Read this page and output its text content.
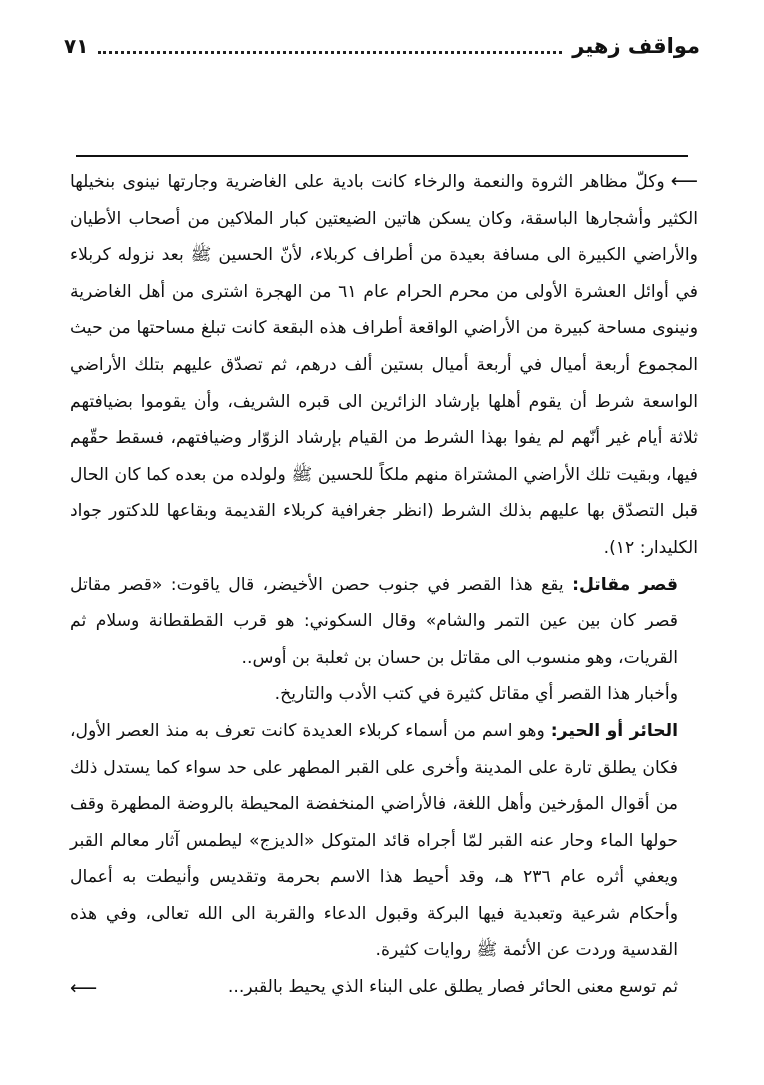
مواقف زهير
٧١

⟵وكلّ مظاهر الثروة والنعمة والرخاء كانت بادية على الغاضرية وجارتها نينوى بنخيلها الكثير وأشجارها الباسقة، وكان يسكن هاتين الضيعتين كبار الملاكين من أصحاب الأطيان والأراضي الكبيرة الى مسافة بعيدة من أطراف كربلاء، لأنّ الحسين ﷺ بعد نزوله كربلاء في أوائل العشرة الأولى من محرم الحرام عام ٦١ من الهجرة اشترى من أهل الغاضرية ونينوى مساحة كبيرة من الأراضي الواقعة أطراف هذه البقعة كانت تبلغ مساحتها من حيث المجموع أربعة أميال في أربعة أميال بستين ألف درهم، ثم تصدّق عليهم بتلك الأراضي الواسعة شرط أن يقوم أهلها بإرشاد الزائرين الى قبره الشريف، وأن يقوموا بضيافتهم ثلاثة أيام غير أنّهم لم يفوا بهذا الشرط من القيام بإرشاد الزوّار وضيافتهم، فسقط حقّهم فيها، وبقيت تلك الأراضي المشتراة منهم ملكاً للحسين ﷺ ولولده من بعده كما كان الحال قبل التصدّق بها عليهم بذلك الشرط (انظر جغرافية كربلاء القديمة وبقاعها للدكتور جواد الكليدار: ١٢).

قصر مقاتل: يقع هذا القصر في جنوب حصن الأخيضر، قال ياقوت: «قصر مقاتل قصر كان بين عين التمر والشام» وقال السكوني: هو قرب القطقطانة وسلام ثم القريات، وهو منسوب الى مقاتل بن حسان بن ثعلبة بن أوس..

وأخبار هذا القصر أي مقاتل كثيرة في كتب الأدب والتاريخ.

الحائر أو الحير: وهو اسم من أسماء كربلاء العديدة كانت تعرف به منذ العصر الأول، فكان يطلق تارة على المدينة وأخرى على القبر المطهر على حد سواء كما يستدل ذلك من أقوال المؤرخين وأهل اللغة، فالأراضي المنخفضة المحيطة بالروضة المطهرة وقف حولها الماء وحار عنه القبر لمّا أجراه قائد المتوكل «الديزج» ليطمس آثار معالم القبر ويعفي أثره عام ٢٣٦ هـ، وقد أحيط هذا الاسم بحرمة وتقديس وأنيطت به أعمال وأحكام شرعية وتعبدية فيها البركة وقبول الدعاء والقربة الى الله تعالى، وفي هذه القدسية وردت عن الأئمة ﷺ روايات كثيرة.

⟵	ثم توسع معنى الحائر فصار يطلق على البناء الذي يحيط بالقبر...
